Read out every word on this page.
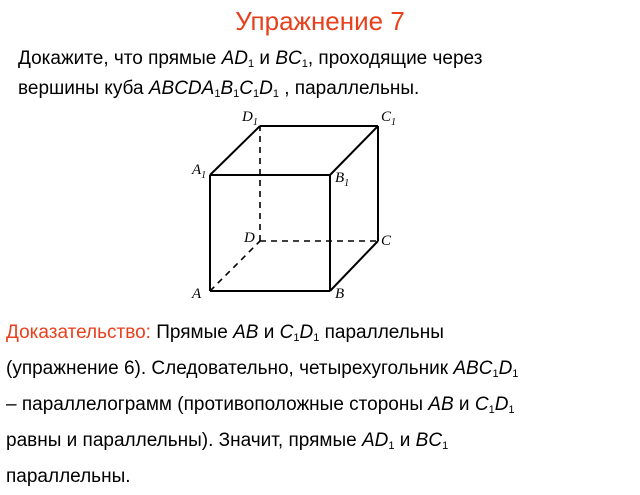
Упражнение 7
Докажите, что прямые $AD_1$ и $BC_1$, проходящие через
вершины куба $ABCDA_1B_1C_1D_1$ , параллельны.
$D_1$	$C_1$
$A_1$	$B_1$
D	C
A	B
Доказательство: Прямые AB и $C_1D_1$ параллельны
(упражнение 6). Следовательно, четырехугольник $ABC_1D_1$
– параллелограмм (противоположные стороны AB и $C_1D_1$
равны и параллельны). Значит, прямые $AD_1$ и $BC_1$
параллельны.
